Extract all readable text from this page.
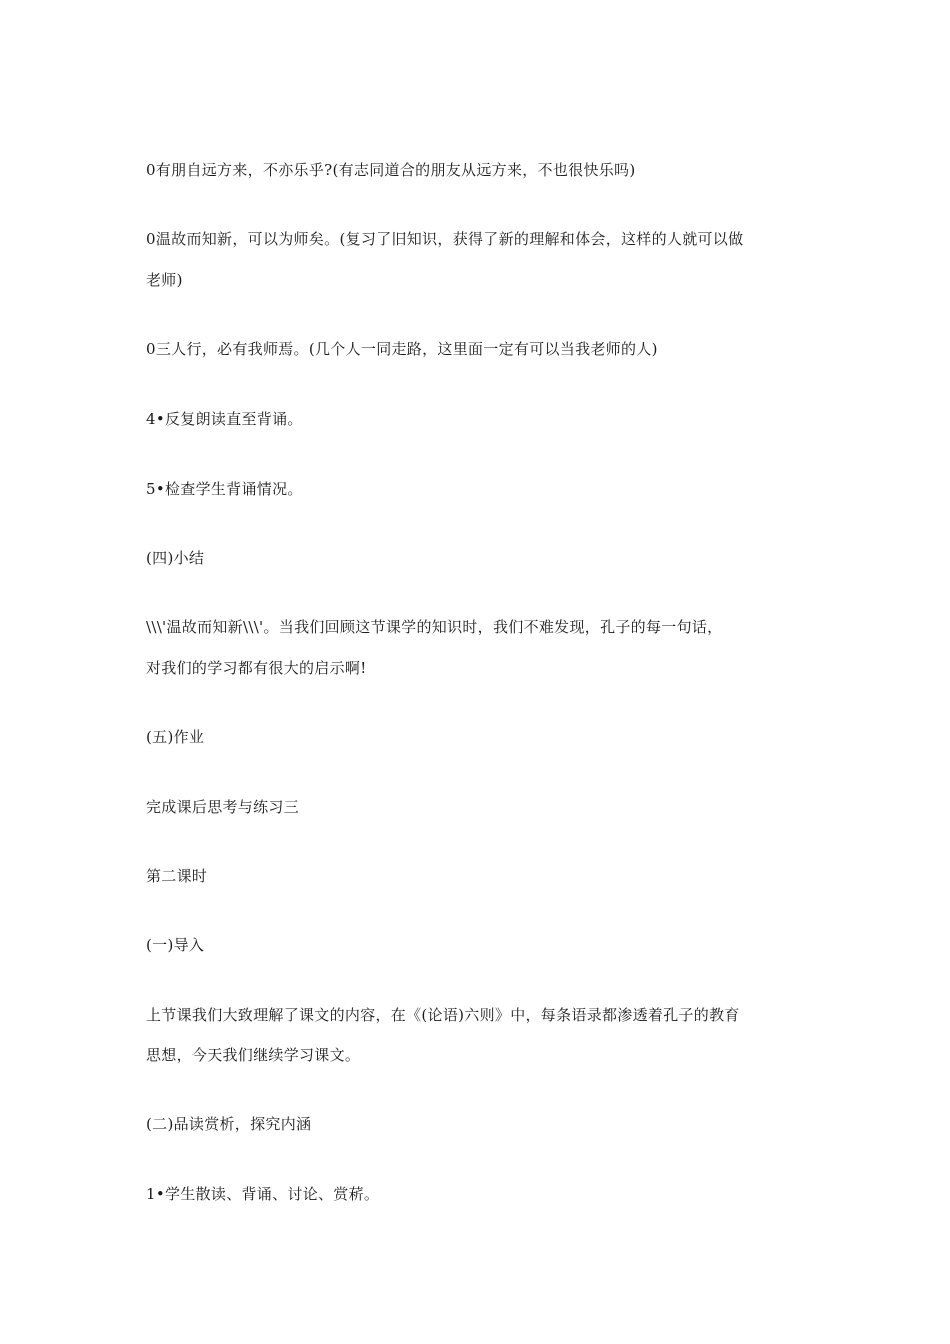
0有朋自远方来，不亦乐乎?(有志同道合的朋友从远方来，不也很快乐吗)

0温故而知新，可以为师矣。(复习了旧知识，获得了新的理解和体会，这样的人就可以做

老师)

0三人行，必有我师焉。(几个人一同走路，这里面一定有可以当我老师的人)

4•反复朗读直至背诵。

5•检查学生背诵情况。

(四)小结

\\\'温故而知新\\\'。当我们回顾这节课学的知识时，我们不难发现，孔子的每一句话，

对我们的学习都有很大的启示啊!

(五)作业

完成课后思考与练习三

第二课时

(一)导入

上节课我们大致理解了课文的内容，在《(论语)六则》中，每条语录都渗透着孔子的教育

思想，今天我们继续学习课文。

(二)品读赏析，探究内涵

1•学生散读、背诵、讨论、赏菥。
